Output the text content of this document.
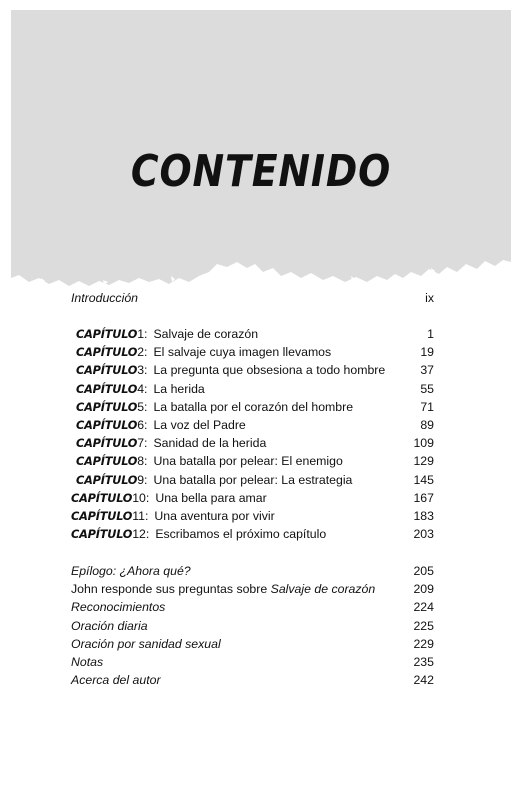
CONTENIDO
Introducción	ix
CAPÍTULO1: Salvaje de corazón	1
CAPÍTULO2: El salvaje cuya imagen llevamos	19
CAPÍTULO3: La pregunta que obsesiona a todo hombre	37
CAPÍTULO4: La herida	55
CAPÍTULO5: La batalla por el corazón del hombre	71
CAPÍTULO6: La voz del Padre	89
CAPÍTULO7: Sanidad de la herida	109
CAPÍTULO8: Una batalla por pelear: El enemigo	129
CAPÍTULO9: Una batalla por pelear: La estrategia	145
CAPÍTULO10: Una bella para amar	167
CAPÍTULO11: Una aventura por vivir	183
CAPÍTULO12: Escribamos el próximo capítulo	203
Epílogo: ¿Ahora qué?	205
John responde sus preguntas sobre Salvaje de corazón	209
Reconocimientos	224
Oración diaria	225
Oración por sanidad sexual	229
Notas	235
Acerca del autor	242
